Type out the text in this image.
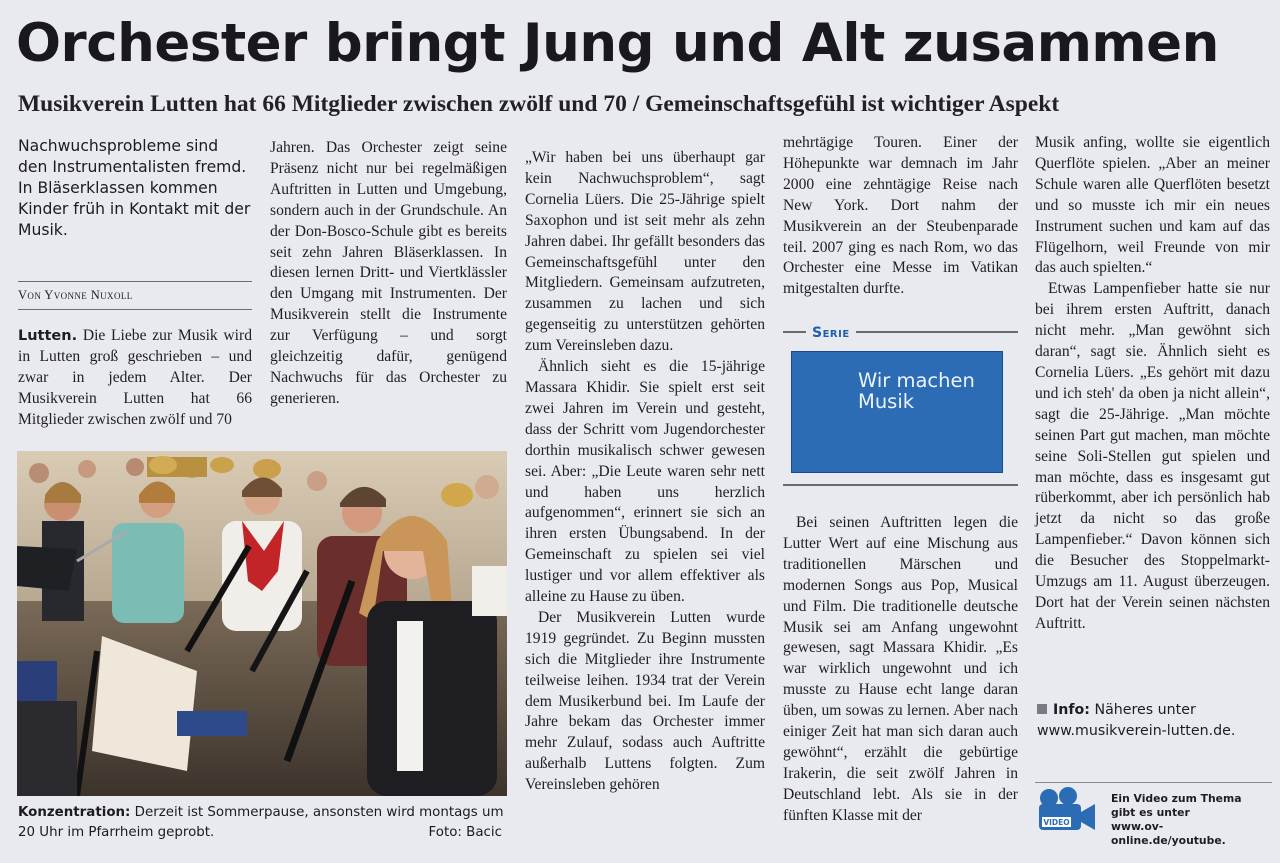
Orchester bringt Jung und Alt zusammen
Musikverein Lutten hat 66 Mitglieder zwischen zwölf und 70 / Gemeinschaftsgefühl ist wichtiger Aspekt
Nachwuchsprobleme sind den Instrumentalisten fremd. In Bläserklassen kommen Kinder früh in Kontakt mit der Musik.
Von Yvonne Nuxoll

Lutten. Die Liebe zur Musik wird in Lutten groß geschrieben – und zwar in jedem Alter. Der Musikverein Lutten hat 66 Mitglieder zwischen zwölf und 70

Jahren. Das Orchester zeigt seine Präsenz nicht nur bei regelmäßigen Auftritten in Lutten und Umgebung, sondern auch in der Grundschule. An der Don-Bosco-Schule gibt es bereits seit zehn Jahren Bläserklassen. In diesen lernen Dritt- und Viertklässler den Umgang mit Instrumenten. Der Musikverein stellt die Instrumente zur Verfügung – und sorgt gleichzeitig dafür, genügend Nachwuchs für das Orchester zu generieren.

„Wir haben bei uns überhaupt gar kein Nachwuchsproblem“, sagt Cornelia Lüers. Die 25-Jährige spielt Saxophon und ist seit mehr als zehn Jahren dabei. Ihr gefällt besonders das Gemeinschaftsgefühl unter den Mitgliedern. Gemeinsam aufzutreten, zusammen zu lachen und sich gegenseitig zu unterstützen gehörten zum Vereinsleben dazu.

Ähnlich sieht es die 15-jährige Massara Khidir. Sie spielt erst seit zwei Jahren im Verein und gesteht, dass der Schritt vom Jugendorchester dorthin musikalisch schwer gewesen sei. Aber: „Die Leute waren sehr nett und haben uns herzlich aufgenommen“, erinnert sie sich an ihren ersten Übungsabend. In der Gemeinschaft zu spielen sei viel lustiger und vor allem effektiver als alleine zu Hause zu üben.

Der Musikverein Lutten wurde 1919 gegründet. Zu Beginn mussten sich die Mitglieder ihre Instrumente teilweise leihen. 1934 trat der Verein dem Musikerbund bei. Im Laufe der Jahre bekam das Orchester immer mehr Zulauf, sodass auch Auftritte außerhalb Luttens folgten. Zum Vereinsleben gehören

mehrtägige Touren. Einer der Höhepunkte war demnach im Jahr 2000 eine zehntägige Reise nach New York. Dort nahm der Musikverein an der Steubenparade teil. 2007 ging es nach Rom, wo das Orchester eine Messe im Vatikan mitgestalten durfte.

Serie
Wir machen Musik

Bei seinen Auftritten legen die Lutter Wert auf eine Mischung aus traditionellen Märschen und modernen Songs aus Pop, Musical und Film. Die traditionelle deutsche Musik sei am Anfang ungewohnt gewesen, sagt Massara Khidir. „Es war wirklich ungewohnt und ich musste zu Hause echt lange daran üben, um sowas zu lernen. Aber nach einiger Zeit hat man sich daran auch gewöhnt“, erzählt die gebürtige Irakerin, die seit zwölf Jahren in Deutschland lebt. Als sie in der fünften Klasse mit der

Musik anfing, wollte sie eigentlich Querflöte spielen. „Aber an meiner Schule waren alle Querflöten besetzt und so musste ich mir ein neues Instrument suchen und kam auf das Flügelhorn, weil Freunde von mir das auch spielten.“

Etwas Lampenfieber hatte sie nur bei ihrem ersten Auftritt, danach nicht mehr. „Man gewöhnt sich daran“, sagt sie. Ähnlich sieht es Cornelia Lüers. „Es gehört mit dazu und ich steh' da oben ja nicht allein“, sagt die 25-Jährige. „Man möchte seinen Part gut machen, man möchte seine Soli-Stellen gut spielen und man möchte, dass es insgesamt gut rüberkommt, aber ich persönlich hab jetzt da nicht so das große Lampenfieber.“ Davon können sich die Besucher des Stoppelmarkt-Umzugs am 11. August überzeugen. Dort hat der Verein seinen nächsten Auftritt.

Info: Näheres unter
www.musikverein-lutten.de.
Konzentration: Derzeit ist Sommerpause, ansonsten wird montags um 20 Uhr im Pfarrheim geprobt.	Foto: Bacic
VIDEO
Ein Video zum Thema
gibt es unter
www.ov-online.de/youtube.
